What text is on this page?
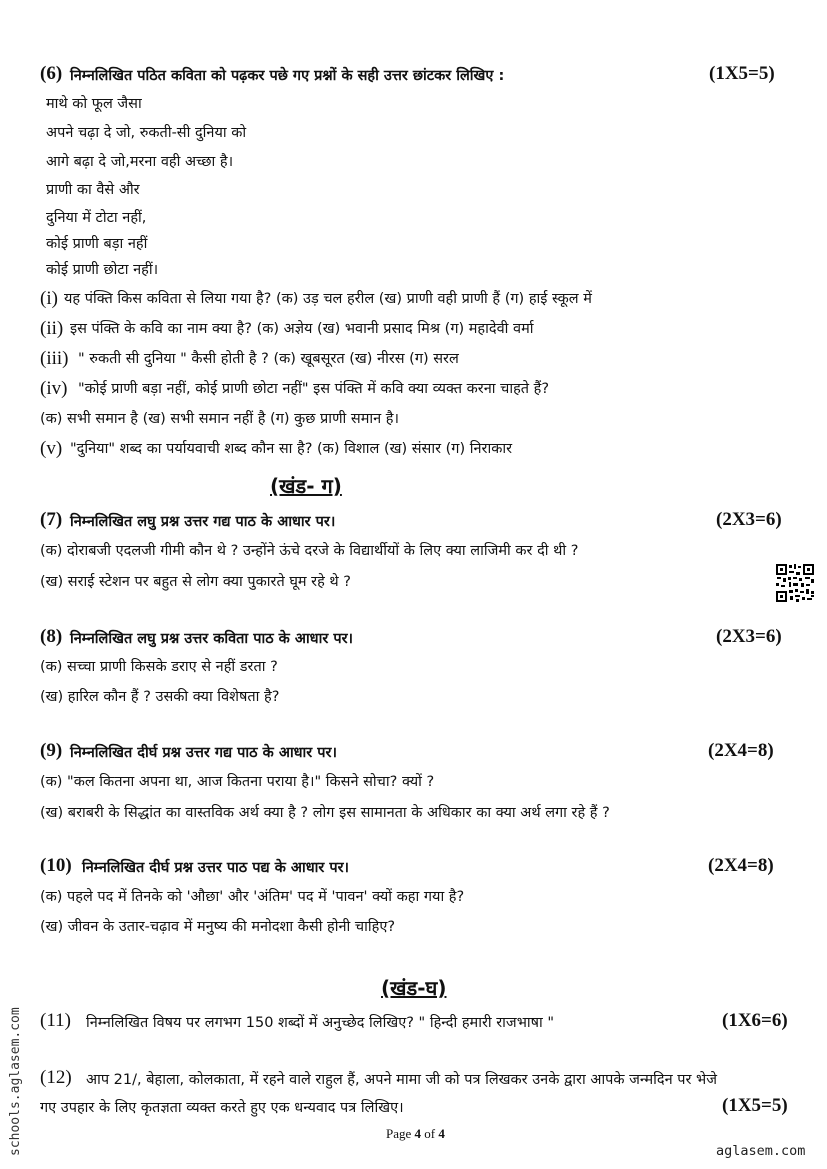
(6) निम्नलिखित पठित कविता को पढ़कर पछे गए प्रश्नों के सही उत्तर छांटकर लिखिए :	(1X5=5)
माथे को फूल जैसा
अपने चढ़ा दे जो, रुकती-सी दुनिया को
आगे बढ़ा दे जो,मरना वही अच्छा है।
प्राणी का वैसे और
दुनिया में टोटा नहीं,
कोई प्राणी बड़ा नहीं
कोई प्राणी छोटा नहीं।
(i) यह पंक्ति किस कविता से लिया गया है? (क) उड़ चल हरील (ख) प्राणी वही प्राणी हैं (ग) हाई स्कूल में
(ii) इस पंक्ति के कवि का नाम क्या है? (क) अज्ञेय (ख) भवानी प्रसाद मिश्र (ग) महादेवी वर्मा
(iii) " रुकती सी दुनिया " कैसी होती है ? (क) खूबसूरत (ख) नीरस (ग) सरल
(iv) "कोई प्राणी बड़ा नहीं, कोई प्राणी छोटा नहीं" इस पंक्ति में कवि क्या व्यक्त करना चाहते हैं?
(क) सभी समान है (ख) सभी समान नहीं है (ग) कुछ प्राणी समान है।
(v) "दुनिया" शब्द का पर्यायवाची शब्द कौन सा है? (क) विशाल (ख) संसार (ग) निराकार
(खंड- ग)
(7) निम्नलिखित लघु प्रश्न उत्तर गद्य पाठ के आधार पर।	(2X3=6)
(क) दोराबजी एदलजी गीमी कौन थे ? उन्होंने ऊंचे दरजे के विद्यार्थीयों के लिए क्या लाजिमी कर दी थी ?
(ख) सराई स्टेशन पर बहुत से लोग क्या पुकारते घूम रहे थे ?
(8) निम्नलिखित लघु प्रश्न उत्तर कविता पाठ के आधार पर।	(2X3=6)
(क) सच्चा प्राणी किसके डराए से नहीं डरता ?
(ख) हारिल कौन हैं ? उसकी क्या विशेषता है?
(9) निम्नलिखित दीर्घ प्रश्न उत्तर गद्य पाठ के आधार पर।	(2X4=8)
(क) "कल कितना अपना था, आज कितना पराया है।" किसने सोचा? क्यों ?
(ख) बराबरी के सिद्धांत का वास्तविक अर्थ क्या है ? लोग इस सामानता के अधिकार का क्या अर्थ लगा रहे हैं ?
(10) निम्नलिखित दीर्घ प्रश्न उत्तर पाठ पद्य के आधार पर।	(2X4=8)
(क) पहले पद में तिनके को 'औछा' और 'अंतिम' पद में 'पावन' क्यों कहा गया है?
(ख) जीवन के उतार-चढ़ाव में मनुष्य की मनोदशा कैसी होनी चाहिए?
(खंड-घ)
(11) निम्नलिखित विषय पर लगभग 150 शब्दों में अनुच्छेद लिखिए? " हिन्दी हमारी राजभाषा "	(1X6=6)
(12) आप 21/, बेहाला, कोलकाता, में रहने वाले राहुल हैं, अपने मामा जी को पत्र लिखकर उनके द्वारा आपके जन्मदिन पर भेजे
गए उपहार के लिए कृतज्ञता व्यक्त करते हुए एक धन्यवाद पत्र लिखिए।	(1X5=5)
Page 4 of 4
schools.aglasem.com	aglasem.com
